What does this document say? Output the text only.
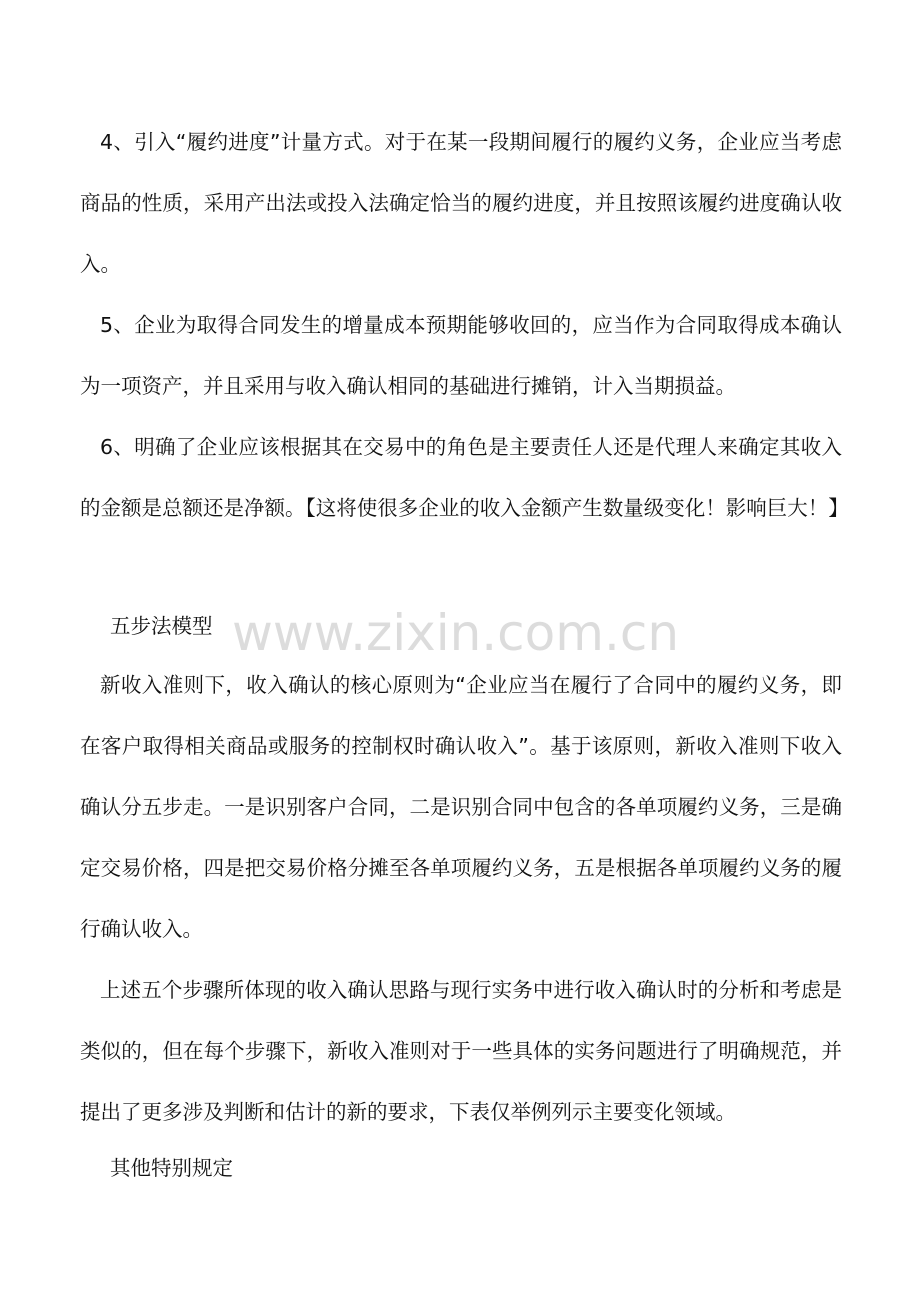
4、引入“履约进度”计量方式。对于在某一段期间履行的履约义务，企业应当考虑商品的性质，采用产出法或投入法确定恰当的履约进度，并且按照该履约进度确认收入。

5、企业为取得合同发生的增量成本预期能够收回的，应当作为合同取得成本确认为一项资产，并且采用与收入确认相同的基础进行摊销，计入当期损益。

6、明确了企业应该根据其在交易中的角色是主要责任人还是代理人来确定其收入的金额是总额还是净额。【这将使很多企业的收入金额产生数量级变化！影响巨大！】

五步法模型 www.zixin.com.cn

新收入准则下，收入确认的核心原则为“企业应当在履行了合同中的履约义务，即在客户取得相关商品或服务的控制权时确认收入”。基于该原则，新收入准则下收入确认分五步走。一是识别客户合同，二是识别合同中包含的各单项履约义务，三是确定交易价格，四是把交易价格分摊至各单项履约义务，五是根据各单项履约义务的履行确认收入。

上述五个步骤所体现的收入确认思路与现行实务中进行收入确认时的分析和考虑是类似的，但在每个步骤下，新收入准则对于一些具体的实务问题进行了明确规范，并提出了更多涉及判断和估计的新的要求，下表仅举例列示主要变化领域。

其他特别规定
